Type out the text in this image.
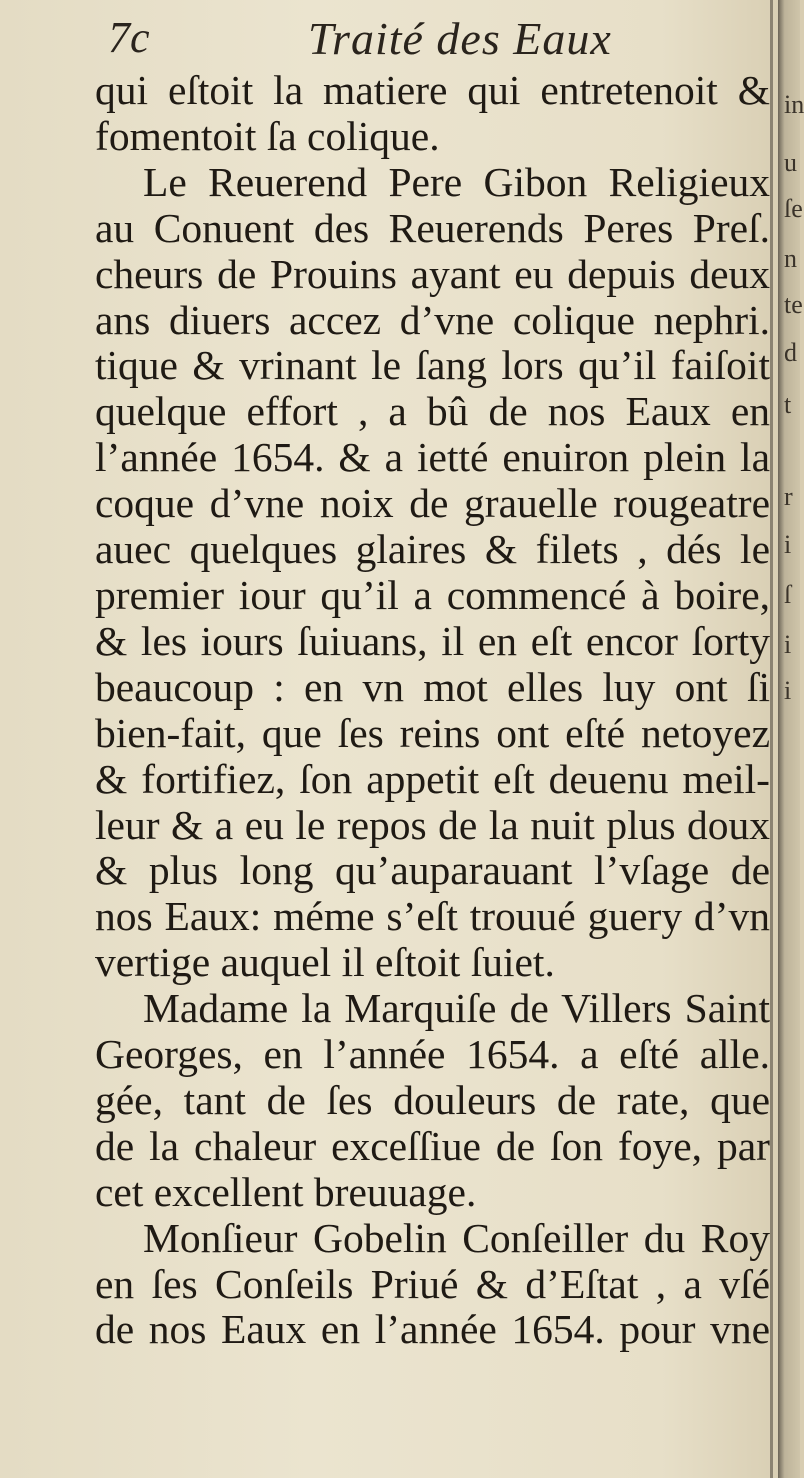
7c	Traité des Eaux
qui eſtoit la matiere qui entretenoit &
fomentoit ſa colique.
Le Reuerend Pere Gibon Religieux
au Conuent des Reuerends Peres Preſ.
cheurs de Prouins ayant eu depuis deux
ans diuers accez d’vne colique nephri.
tique & vrinant le ſang lors qu’il faiſoit
quelque effort , a bû de nos Eaux en
l’année 1654. & a ietté enuiron plein la
coque d’vne noix de grauelle rougeatre
auec quelques glaires & filets , dés le
premier iour qu’il a commencé à boire,
& les iours ſuiuans, il en eſt encor ſorty
beaucoup : en vn mot elles luy ont ſi
bien-fait, que ſes reins ont eſté netoyez
& fortifiez, ſon appetit eſt deuenu meil-
leur & a eu le repos de la nuit plus doux
& plus long qu’auparauant l’vſage de
nos Eaux: méme s’eſt trouué guery d’vn
vertige auquel il eſtoit ſuiet.
Madame la Marquiſe de Villers Saint
Georges, en l’année 1654. a eſté alle.
gée, tant de ſes douleurs de rate, que
de la chaleur exceſſiue de ſon foye, par
cet excellent breuuage.
Monſieur Gobelin Conſeiller du Roy
en ſes Conſeils Priué & d’Eſtat , a vſé
de nos Eaux en l’année 1654. pour vne
in
u
ſe
n
te
d
t
r
i
ſ
i
i
